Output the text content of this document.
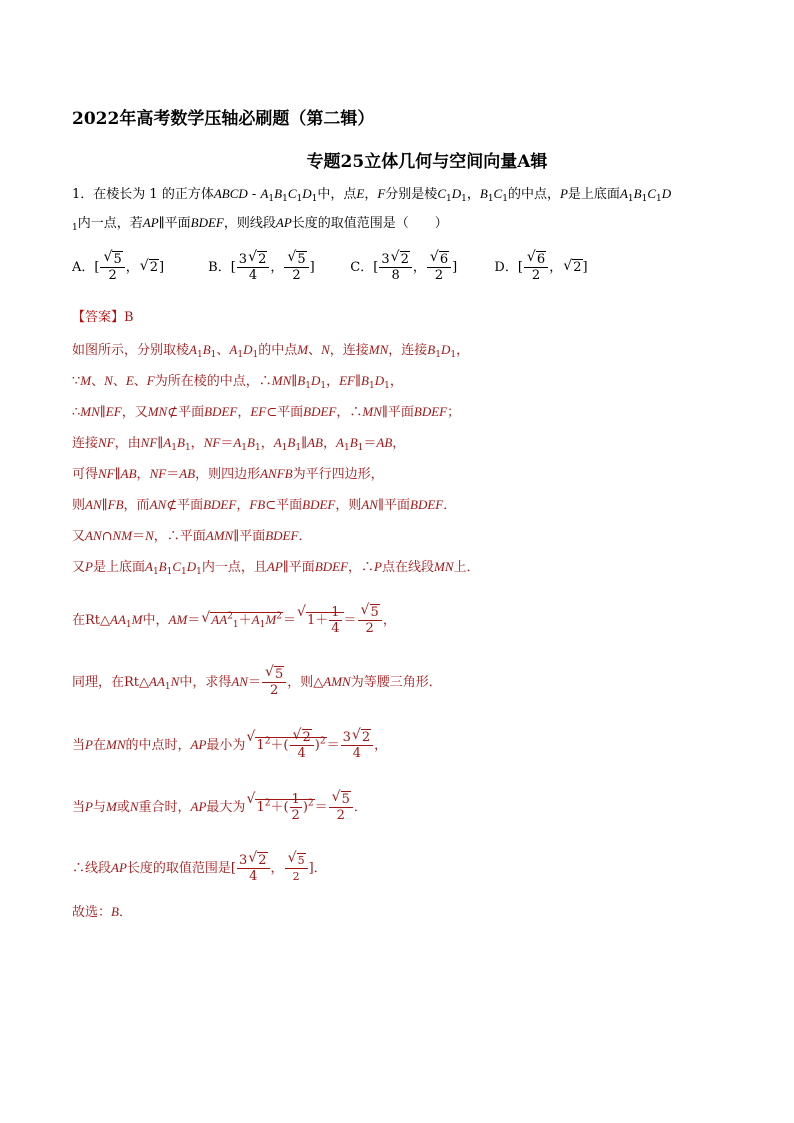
2022年高考数学压轴必刷题（第二辑）
专题25立体几何与空间向量A辑
1．在棱长为 1 的正方体ABCD - $A_1B_1C_1D_1$中，点E，F分别是棱$C_1D_1$，$B_1C_1$的中点，P是上底面$A_1B_1C_1D$
$_1$内一点，若AP∥平面BDEF，则线段AP长度的取值范围是（　　）
A．[
√ $\frac{5}{2}$ ，√ 2]	B．[ $\frac{3√ 2}{4}$ ，
√ $\frac{5}{2}$ ]	C．[ $\frac{3√ 2}{8}$ ，
√ $\frac{6}{2}$ ]	D．[
√ $\frac{6}{2}$ ，√ 2]
【答案】B
如图所示，分别取棱$A_1B_1$、$A_1D_1$的中点M、N，连接MN，连接$B_1D_1$，
∵M、N、E、F为所在棱的中点，$\therefore MN\parallel B_1D_1$，$EF\parallel B_1D_1$，
∴MN∥EF，又MN⊄平面BDEF，EF⊂平面BDEF，∴MN∥平面BDEF；
连接NF，由$NF\parallel A_1B_1$，$NF=A_1B_1$，$A_1B_1\parallel AB$，$A_1B_1=AB$，
可得NF∥AB，NF＝AB，则四边形ANFB为平行四边形，
则AN∥FB，而AN⊄平面BDEF，FB⊂平面BDEF，则AN∥平面BDEF．
又AN∩NM＝N，∴平面AMN∥平面BDEF．
又P是上底面$A_1B_1C_1D_1$内一点，且AP∥平面BDEF，∴P点在线段MN上．
在$Rt\triangle AA_1M$中，AM＝√ $AA^2_1+A_1M^2=√$ $1+ \frac{1}{4}$ ＝
√ $\frac{5}{2}$ ，
同理，在$Rt\triangle AA_1N$中，求得AN＝
√ $\frac{5}{2}$ ，则△AMN为等腰三角形．
当P在MN的中点时，AP最小为√ $1^2+$(
√ $\frac{2}{4} )^2= \frac{3√ 2}{4}$ ，
当P与M或N重合时，AP最大为√ $1^2+( \frac{1}{2} )^2=$
√ $\frac{5}{2}$ ．
∴线段AP长度的取值范围是[ $\frac{3√ 2}{4}$ ，
√ $\frac{5}{2}$ ]．
故选：B．
